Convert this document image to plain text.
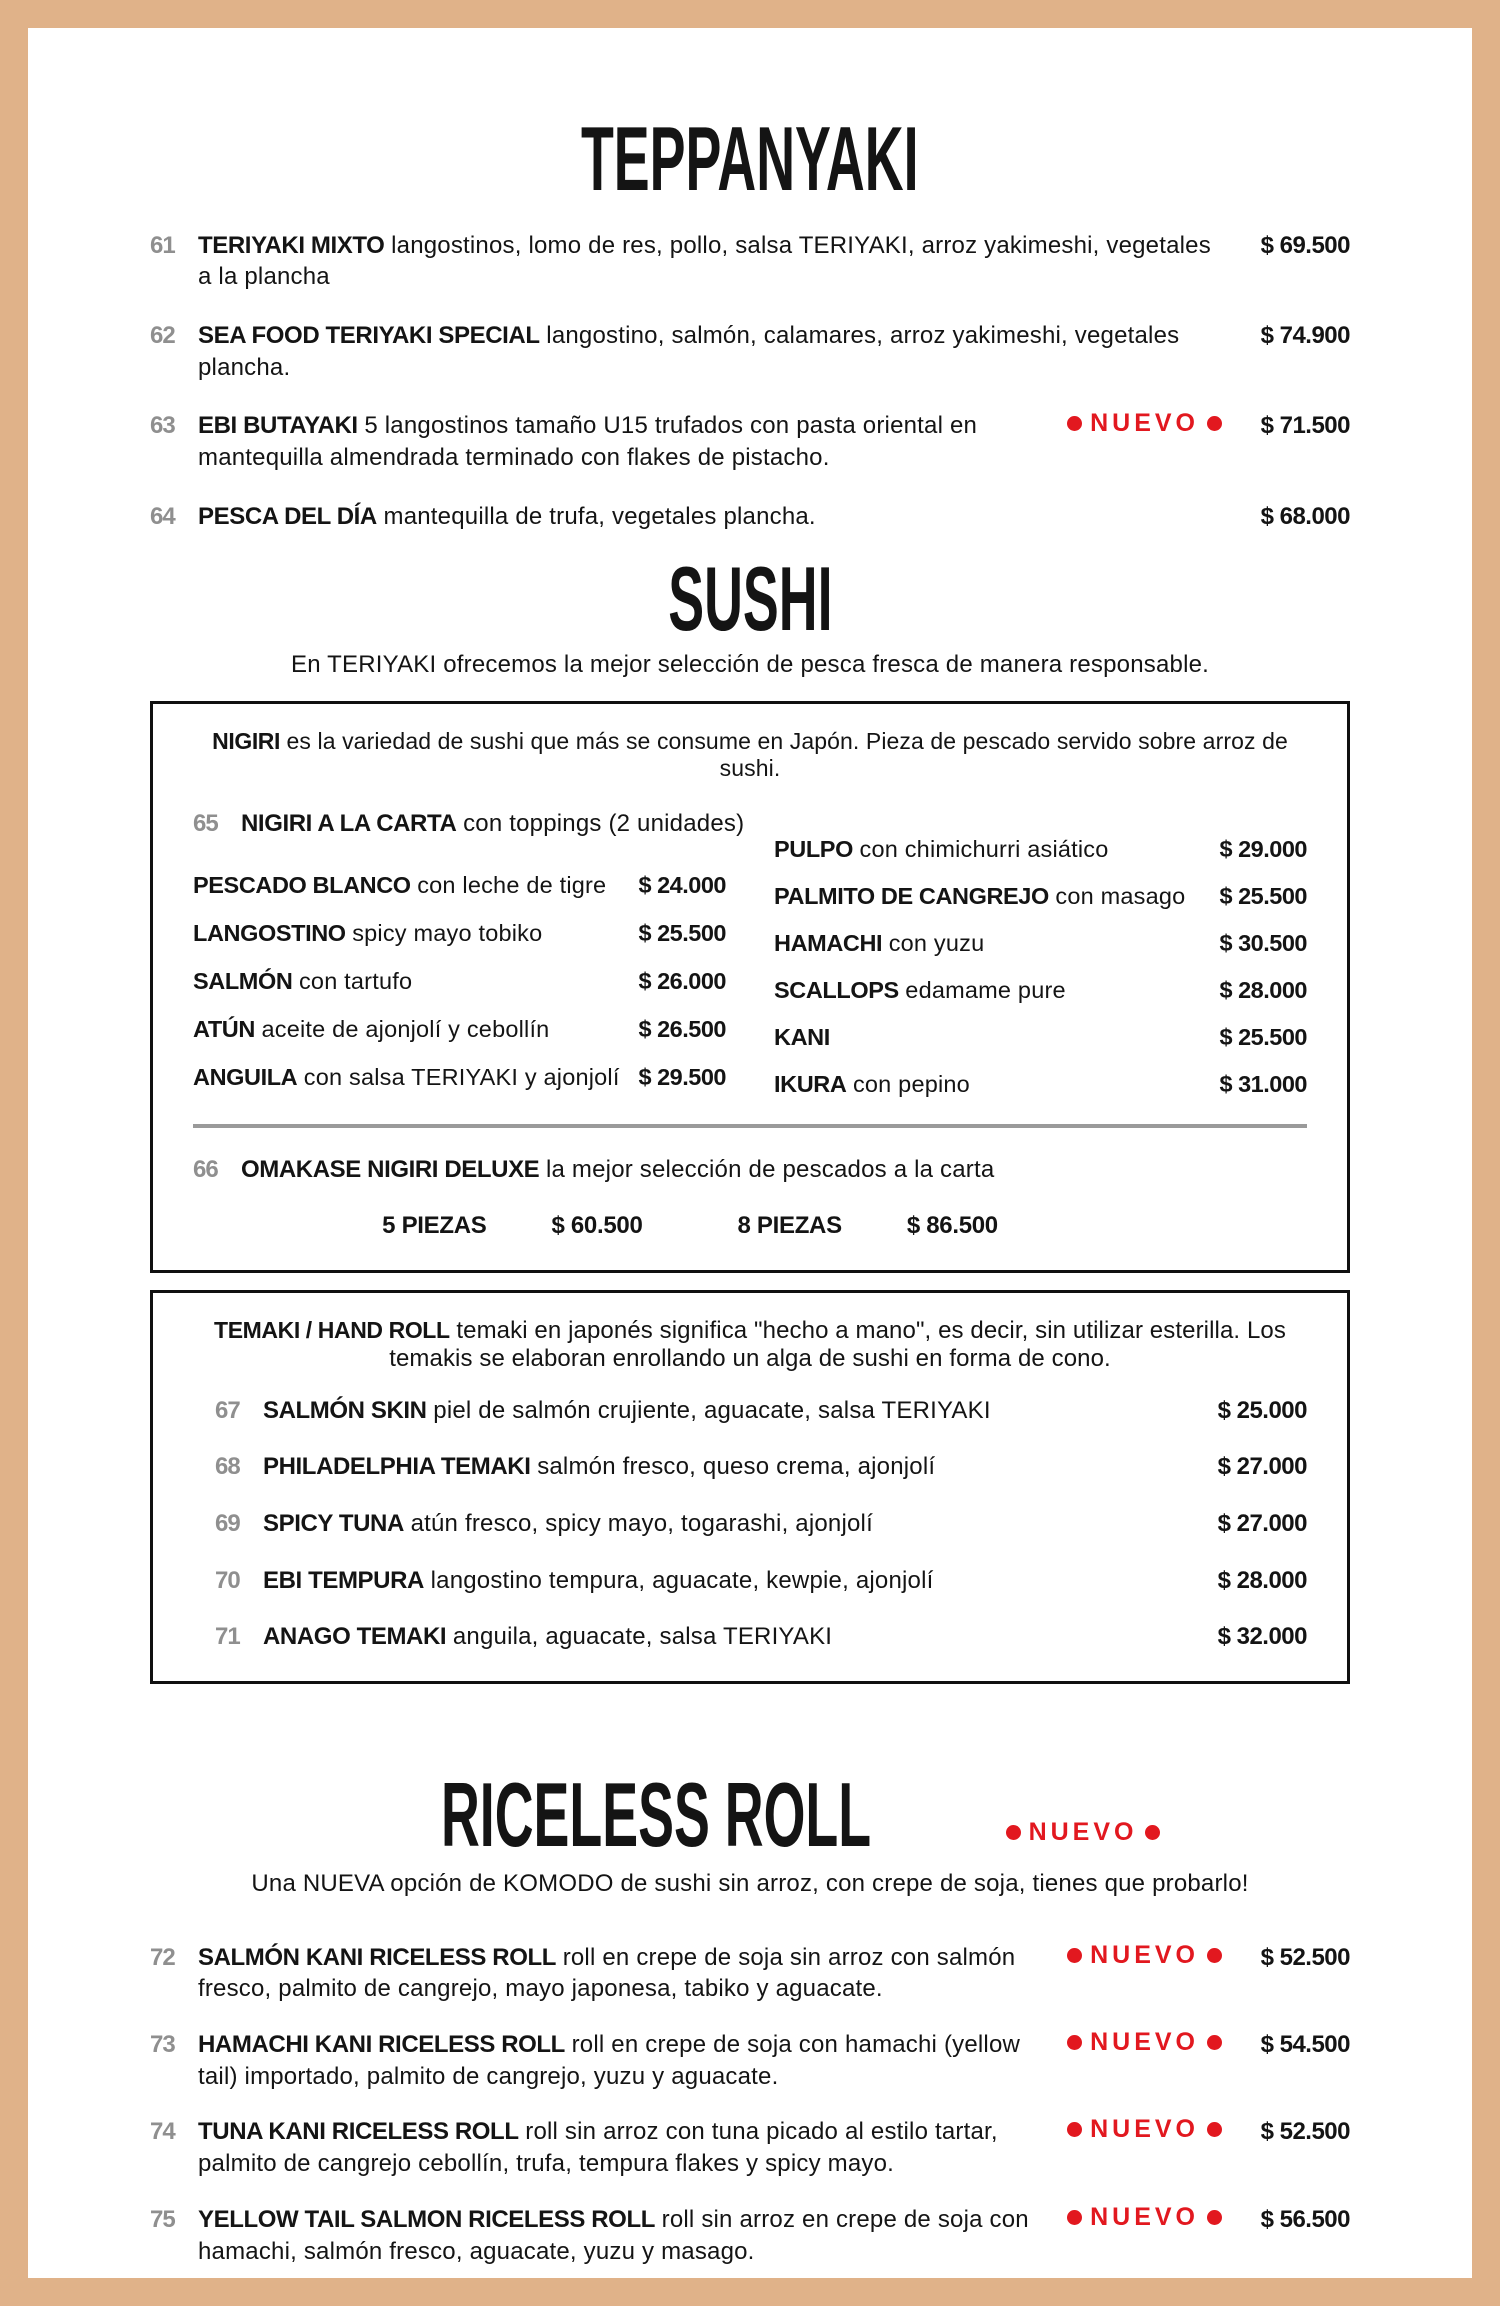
TEPPANYAKI
61 TERIYAKI MIXTO langostinos, lomo de res, pollo, salsa TERIYAKI, arroz yakimeshi, vegetales a la plancha

$ 69.500
62 SEA FOOD TERIYAKI SPECIAL langostino, salmón, calamares, arroz yakimeshi, vegetales plancha.

$ 74.900
63 EBI BUTAYAKI 5 langostinos tamaño U15 trufados con pasta oriental en mantequilla almendrada terminado con flakes de pistacho.

NUEVO	$ 71.500
64 PESCA DEL DÍA mantequilla de trufa, vegetales plancha.	$ 68.000
SUSHI

En TERIYAKI ofrecemos la mejor selección de pesca fresca de manera responsable.

NIGIRI es la variedad de sushi que más se consume en Japón. Pieza de pescado servido sobre arroz de sushi.

65 NIGIRI A LA CARTA con toppings (2 unidades)

PESCADO BLANCO con leche de tigre	$ 24.000

LANGOSTINO spicy mayo tobiko	$ 25.500

SALMÓN con tartufo	$ 26.000

ATÚN aceite de ajonjolí y cebollín	$ 26.500

ANGUILA con salsa TERIYAKI y ajonjolí $ 29.500

PULPO con chimichurri asiático	$ 29.000

PALMITO DE CANGREJO con masago	$ 25.500

HAMACHI con yuzu	$ 30.500

SCALLOPS edamame pure	$ 28.000

KANI	$ 25.500

IKURA con pepino	$ 31.000
66 OMAKASE NIGIRI DELUXE la mejor selección de pescados a la carta

5 PIEZAS	$ 60.500	8 PIEZAS	$ 86.500

TEMAKI / HAND ROLL temaki en japonés significa "hecho a mano", es decir, sin utilizar esterilla. Los temakis se elaboran enrollando un alga de sushi en forma de cono.

67 SALMÓN SKIN piel de salmón crujiente, aguacate, salsa TERIYAKI	$ 25.000
68 PHILADELPHIA TEMAKI salmón fresco, queso crema, ajonjolí	$ 27.000
69 SPICY TUNA atún fresco, spicy mayo, togarashi, ajonjolí	$ 27.000
70 EBI TEMPURA langostino tempura, aguacate, kewpie, ajonjolí	$ 28.000
71 ANAGO TEMAKI anguila, aguacate, salsa TERIYAKI	$ 32.000
RICELESS ROLL	NUEVO

Una NUEVA opción de KOMODO de sushi sin arroz, con crepe de soja, tienes que probarlo!

72 SALMÓN KANI RICELESS ROLL roll en crepe de soja sin arroz con salmón fresco, palmito de cangrejo, mayo japonesa, tabiko y aguacate.

NUEVO	$ 52.500
73 HAMACHI KANI RICELESS ROLL roll en crepe de soja con hamachi (yellow tail) importado, palmito de cangrejo, yuzu y aguacate.

NUEVO	$ 54.500
74 TUNA KANI RICELESS ROLL roll sin arroz con tuna picado al estilo tartar, palmito de cangrejo cebollín, trufa, tempura flakes y spicy mayo.

NUEVO	$ 52.500
75 YELLOW TAIL SALMON RICELESS ROLL roll sin arroz en crepe de soja con hamachi, salmón fresco, aguacate, yuzu y masago.

NUEVO	$ 56.500
